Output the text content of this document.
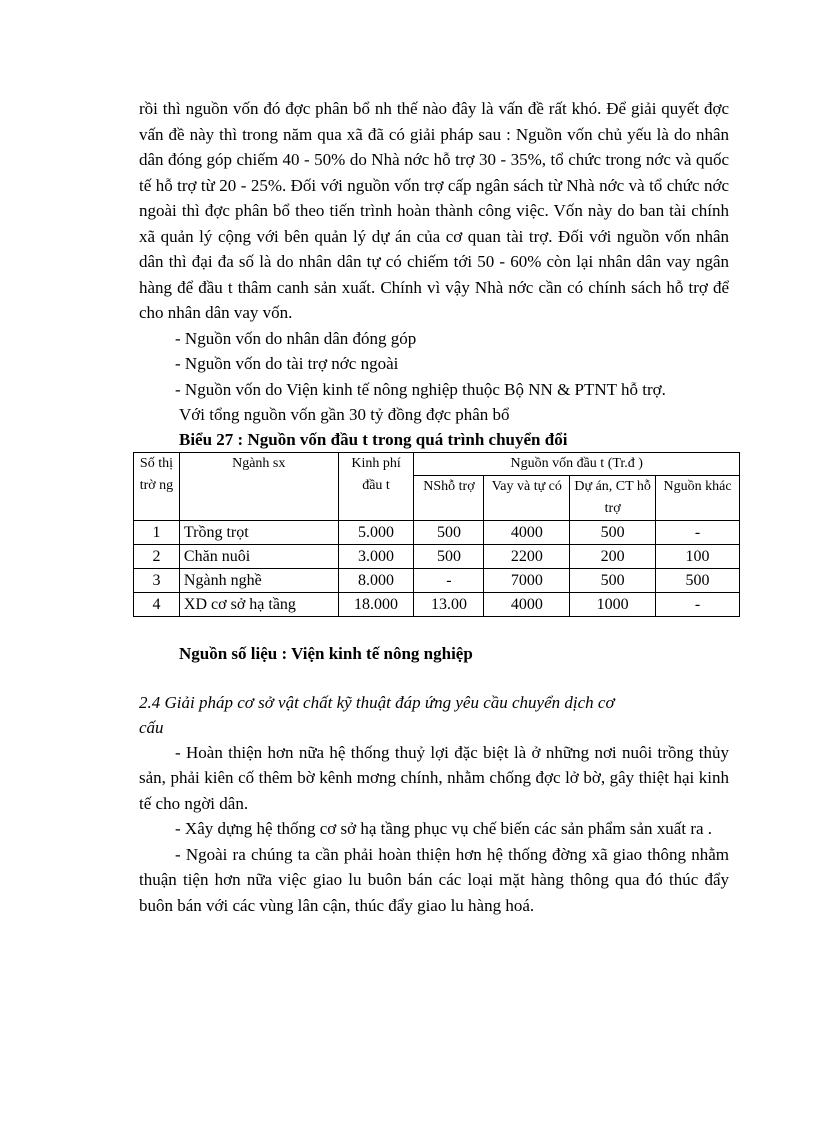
rồi thì nguồn vốn đó đợc phân bổ nh thế nào đây là vấn đề rất khó. Để giải quyết đợc vấn đề này thì trong năm qua xã đã có giải pháp sau : Nguồn vốn chủ yếu là do nhân dân đóng góp chiếm 40 - 50% do Nhà nớc hỗ trợ 30 - 35%, tổ chức trong nớc và quốc tế hỗ trợ từ 20 - 25%. Đối với nguồn vốn trợ cấp ngân sách từ Nhà nớc và tổ chức nớc ngoài thì đợc phân bổ theo tiến trình hoàn thành công việc. Vốn này do ban tài chính xã quản lý cộng với bên quản lý dự án của cơ quan tài trợ. Đối với nguồn vốn nhân dân thì đại đa số là do nhân dân tự có chiếm tới 50 - 60% còn lại nhân dân vay ngân hàng để đầu t thâm canh sản xuất. Chính vì vậy Nhà nớc cần có chính sách hỗ trợ để cho nhân dân vay vốn.

- Nguồn vốn do nhân dân đóng góp

- Nguồn vốn do tài trợ nớc ngoài

- Nguồn vốn do Viện kinh tế nông nghiệp thuộc Bộ NN & PTNT hỗ trợ.

Với tổng nguồn vốn gần 30 tỷ đồng đợc phân bổ

Biểu 27 : Nguồn vốn đầu t trong quá trình chuyển đổi

Số thị trờ ng	Ngành sx	Kinh phí đầu t	Nguồn vốn đầu t (Tr.đ )			
			NShỗ trợ	Vay và tự có	Dự án, CT hỗ trợ	Nguồn khác
1	Trồng trọt	5.000	500	4000	500	-
2	Chăn nuôi	3.000	500	2200	200	100
3	Ngành nghề	8.000	-	7000	500	500
4	XD cơ sở hạ tầng	18.000	13.00	4000	1000	-

Nguồn số liệu : Viện kinh tế nông nghiệp

2.4 Giải pháp cơ sở vật chất kỹ thuật đáp ứng yêu cầu chuyển dịch cơ
cấu

- Hoàn thiện hơn nữa hệ thống thuỷ lợi đặc biệt là ở những nơi nuôi trồng thủy sản, phải kiên cố thêm bờ kênh mơng chính, nhằm chống đợc lở bờ, gây thiệt hại kinh tế cho ngời dân.

- Xây dựng hệ thống cơ sở hạ tầng phục vụ chế biến các sản phẩm sản xuất ra .

- Ngoài ra chúng ta cần phải hoàn thiện hơn hệ thống đờng xã giao thông nhằm thuận tiện hơn nữa việc giao lu buôn bán các loại mặt hàng thông qua đó thúc đẩy buôn bán với các vùng lân cận, thúc đẩy giao lu hàng hoá.
